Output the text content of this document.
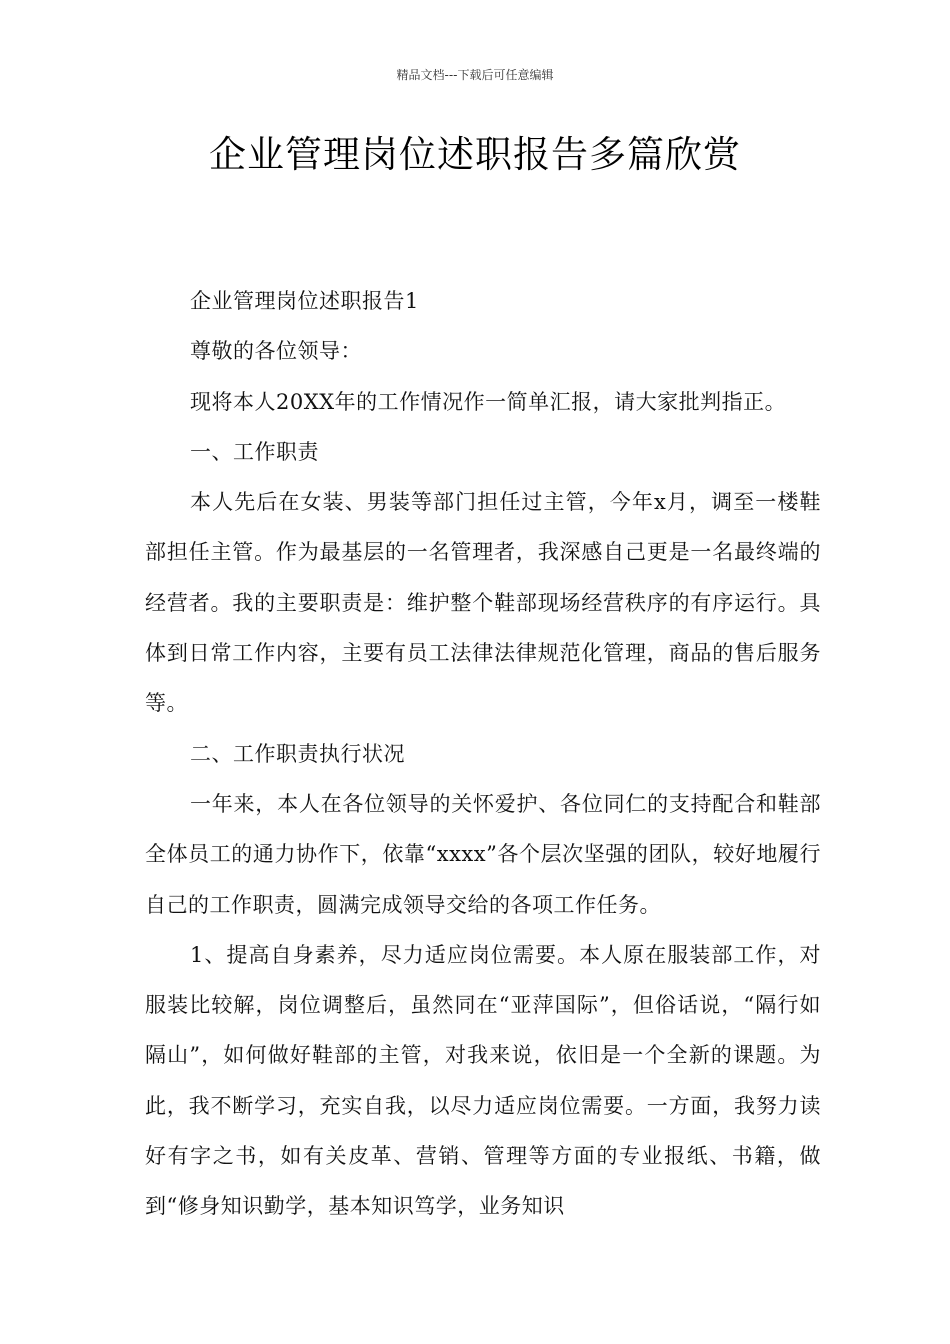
精品文档---下载后可任意编辑
企业管理岗位述职报告多篇欣赏

企业管理岗位述职报告1

尊敬的各位领导：

现将本人20XX年的工作情况作一简单汇报，请大家批判指正。

一、工作职责

本人先后在女装、男装等部门担任过主管，今年x月，调至一楼鞋部担任主管。作为最基层的一名管理者，我深感自己更是一名最终端的经营者。我的主要职责是：维护整个鞋部现场经营秩序的有序运行。具体到日常工作内容，主要有员工法律法律规范化管理，商品的售后服务等。

二、工作职责执行状况

一年来，本人在各位领导的关怀爱护、各位同仁的支持配合和鞋部全体员工的通力协作下，依靠“xxxx”各个层次坚强的团队，较好地履行自己的工作职责，圆满完成领导交给的各项工作任务。

1、提高自身素养，尽力适应岗位需要。本人原在服装部工作，对服装比较解，岗位调整后，虽然同在“亚萍国际”，但俗话说，“隔行如隔山”，如何做好鞋部的主管，对我来说，依旧是一个全新的课题。为此，我不断学习，充实自我，以尽力适应岗位需要。一方面，我努力读好有字之书，如有关皮革、营销、管理等方面的专业报纸、书籍，做到“修身知识勤学，基本知识笃学，业务知识
